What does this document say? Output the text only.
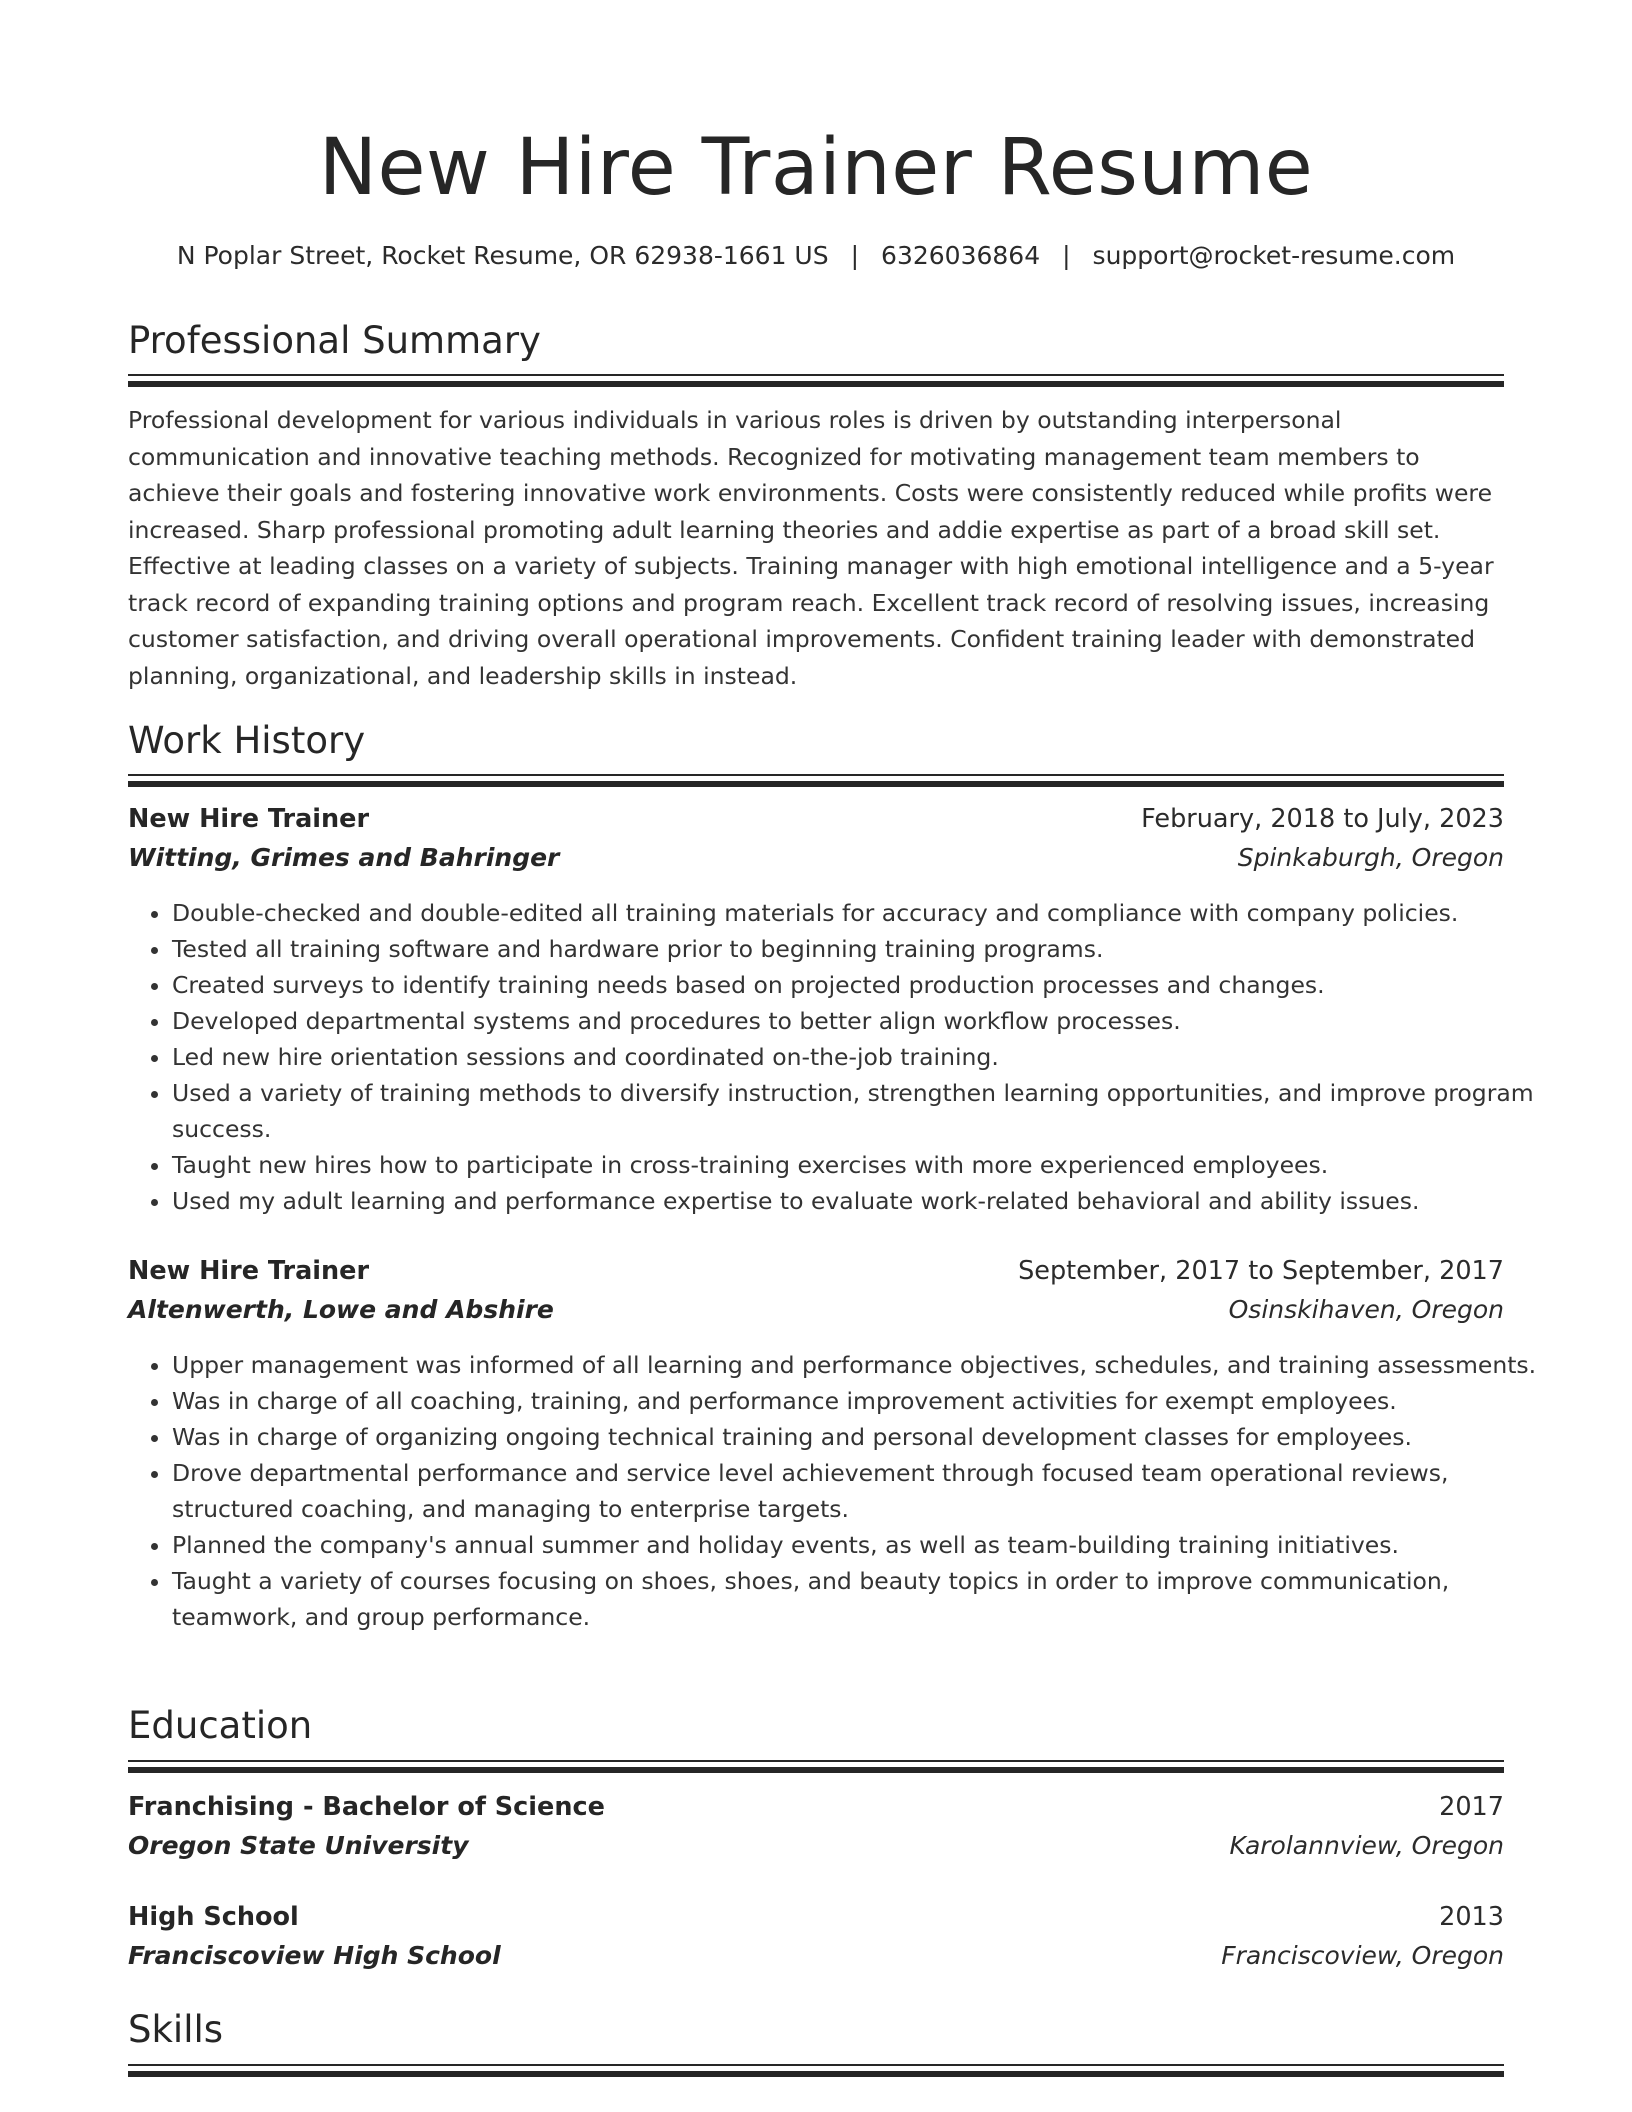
New Hire Trainer Resume
N Poplar Street, Rocket Resume, OR 62938-1661 US | 6326036864 | support@rocket-resume.com
Professional Summary

Professional development for various individuals in various roles is driven by outstanding interpersonal communication and innovative teaching methods. Recognized for motivating management team members to achieve their goals and fostering innovative work environments. Costs were consistently reduced while profits were increased. Sharp professional promoting adult learning theories and addie expertise as part of a broad skill set. Effective at leading classes on a variety of subjects. Training manager with high emotional intelligence and a 5-year track record of expanding training options and program reach. Excellent track record of resolving issues, increasing customer satisfaction, and driving overall operational improvements. Confident training leader with demonstrated planning, organizational, and leadership skills in instead.

Work History
New Hire Trainer	February, 2018 to July, 2023
Witting, Grimes and Bahringer	Spinkaburgh, Oregon
• Double-checked and double-edited all training materials for accuracy and compliance with company policies.
• Tested all training software and hardware prior to beginning training programs.
• Created surveys to identify training needs based on projected production processes and changes.
• Developed departmental systems and procedures to better align workflow processes.
• Led new hire orientation sessions and coordinated on-the-job training.
• Used a variety of training methods to diversify instruction, strengthen learning opportunities, and improve program success.
• Taught new hires how to participate in cross-training exercises with more experienced employees.
• Used my adult learning and performance expertise to evaluate work-related behavioral and ability issues.
New Hire Trainer	September, 2017 to September, 2017
Altenwerth, Lowe and Abshire	Osinskihaven, Oregon
• Upper management was informed of all learning and performance objectives, schedules, and training assessments.
• Was in charge of all coaching, training, and performance improvement activities for exempt employees.
• Was in charge of organizing ongoing technical training and personal development classes for employees.
• Drove departmental performance and service level achievement through focused team operational reviews, structured coaching, and managing to enterprise targets.
• Planned the company's annual summer and holiday events, as well as team-building training initiatives.
• Taught a variety of courses focusing on shoes, shoes, and beauty topics in order to improve communication, teamwork, and group performance.
Education
Franchising - Bachelor of Science	2017
Oregon State University	Karolannview, Oregon
High School	2013
Franciscoview High School	Franciscoview, Oregon
Skills
